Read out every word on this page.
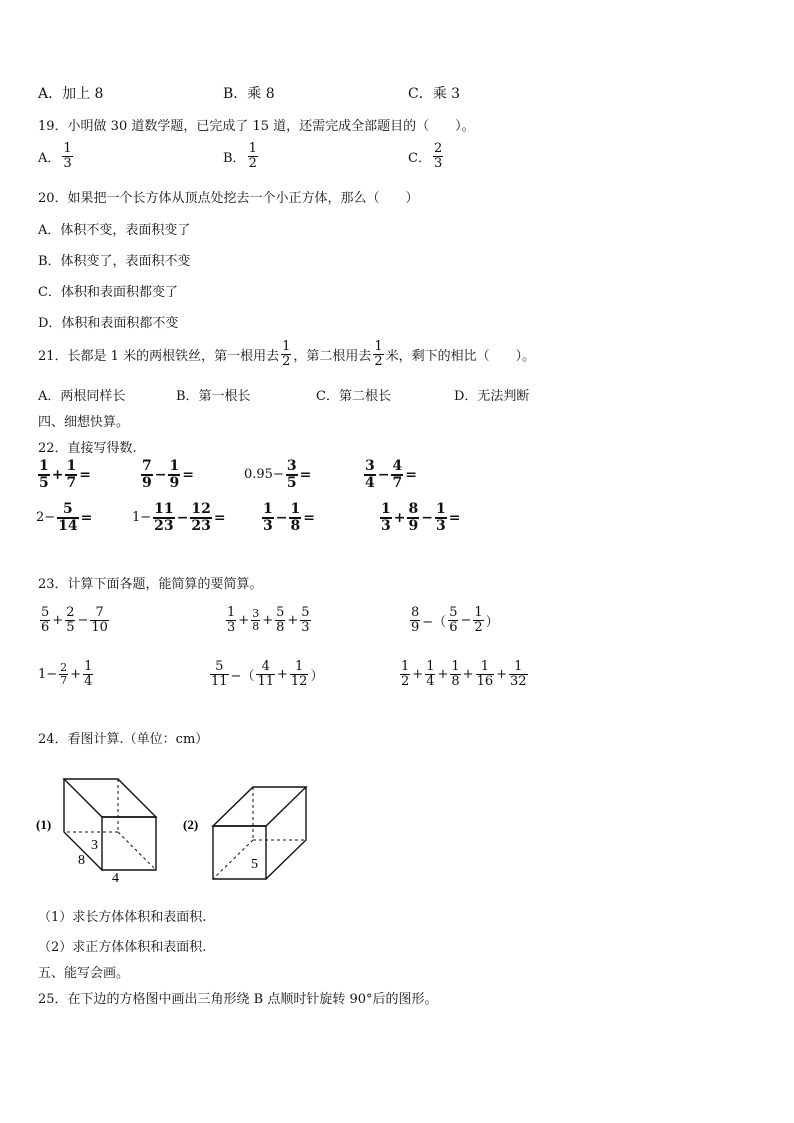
A．加上 8	B．乘 8	C．乘 3
19．小明做 30 道数学题，已完成了 15 道，还需完成全部题目的（　　）。
A． $\frac{1}{3}$	B． $\frac{1}{2}$	C． $\frac{2}{3}$
20．如果把一个长方体从顶点处挖去一个小正方体，那么（　　）
A．体积不变，表面积变了
B．体积变了，表面积不变
C．体积和表面积都变了
D．体积和表面积都不变
21．长都是 1 米的两根铁丝，第一根用去 $\frac{1}{2}$ ，第二根用去 $\frac{1}{2}$ 米，剩下的相比（　　）。
A．两根同样长	B．第一根长	C．第二根长	D．无法判断
四、细想快算。
22．直接写得数.
$\frac{1}{5} + \frac{1}{7}$ =	$\frac{7}{9} - \frac{1}{9}$ =	$0.95- \frac{3}{5}$ =	$\frac{3}{4} - \frac{4}{7}$ =
$2- \frac{5}{14}$ =	$1- \frac{11}{23} - \frac{12}{23}$ =	$\frac{1}{3} - \frac{1}{8}$ =	$\frac{1}{3} + \frac{8}{9} - \frac{1}{3}$ =
23．计算下面各题，能简算的要简算。
$\frac{5}{6} + \frac{2}{5} - \frac{7}{10}$	$\frac{1}{3} + \frac{3}{8} + \frac{5}{8} + \frac{5}{3}$	$\frac{8}{9}$ −（ $\frac{5}{6} - \frac{1}{2}$ ）
$1- \frac{2}{7} + \frac{1}{4}$	$\frac{5}{11}$ −（ $\frac{4}{11} + \frac{1}{12}$ ）	$\frac{1}{2} + \frac{1}{4} + \frac{1}{8} + \frac{1}{16} + \frac{1}{32}$
24．看图计算.（单位：cm）
(1)
3
8
4
(2)
5
（1）求长方体体积和表面积.
（2）求正方体体积和表面积.
五、能写会画。
25．在下边的方格图中画出三角形绕 B 点顺时针旋转 90°后的图形。
